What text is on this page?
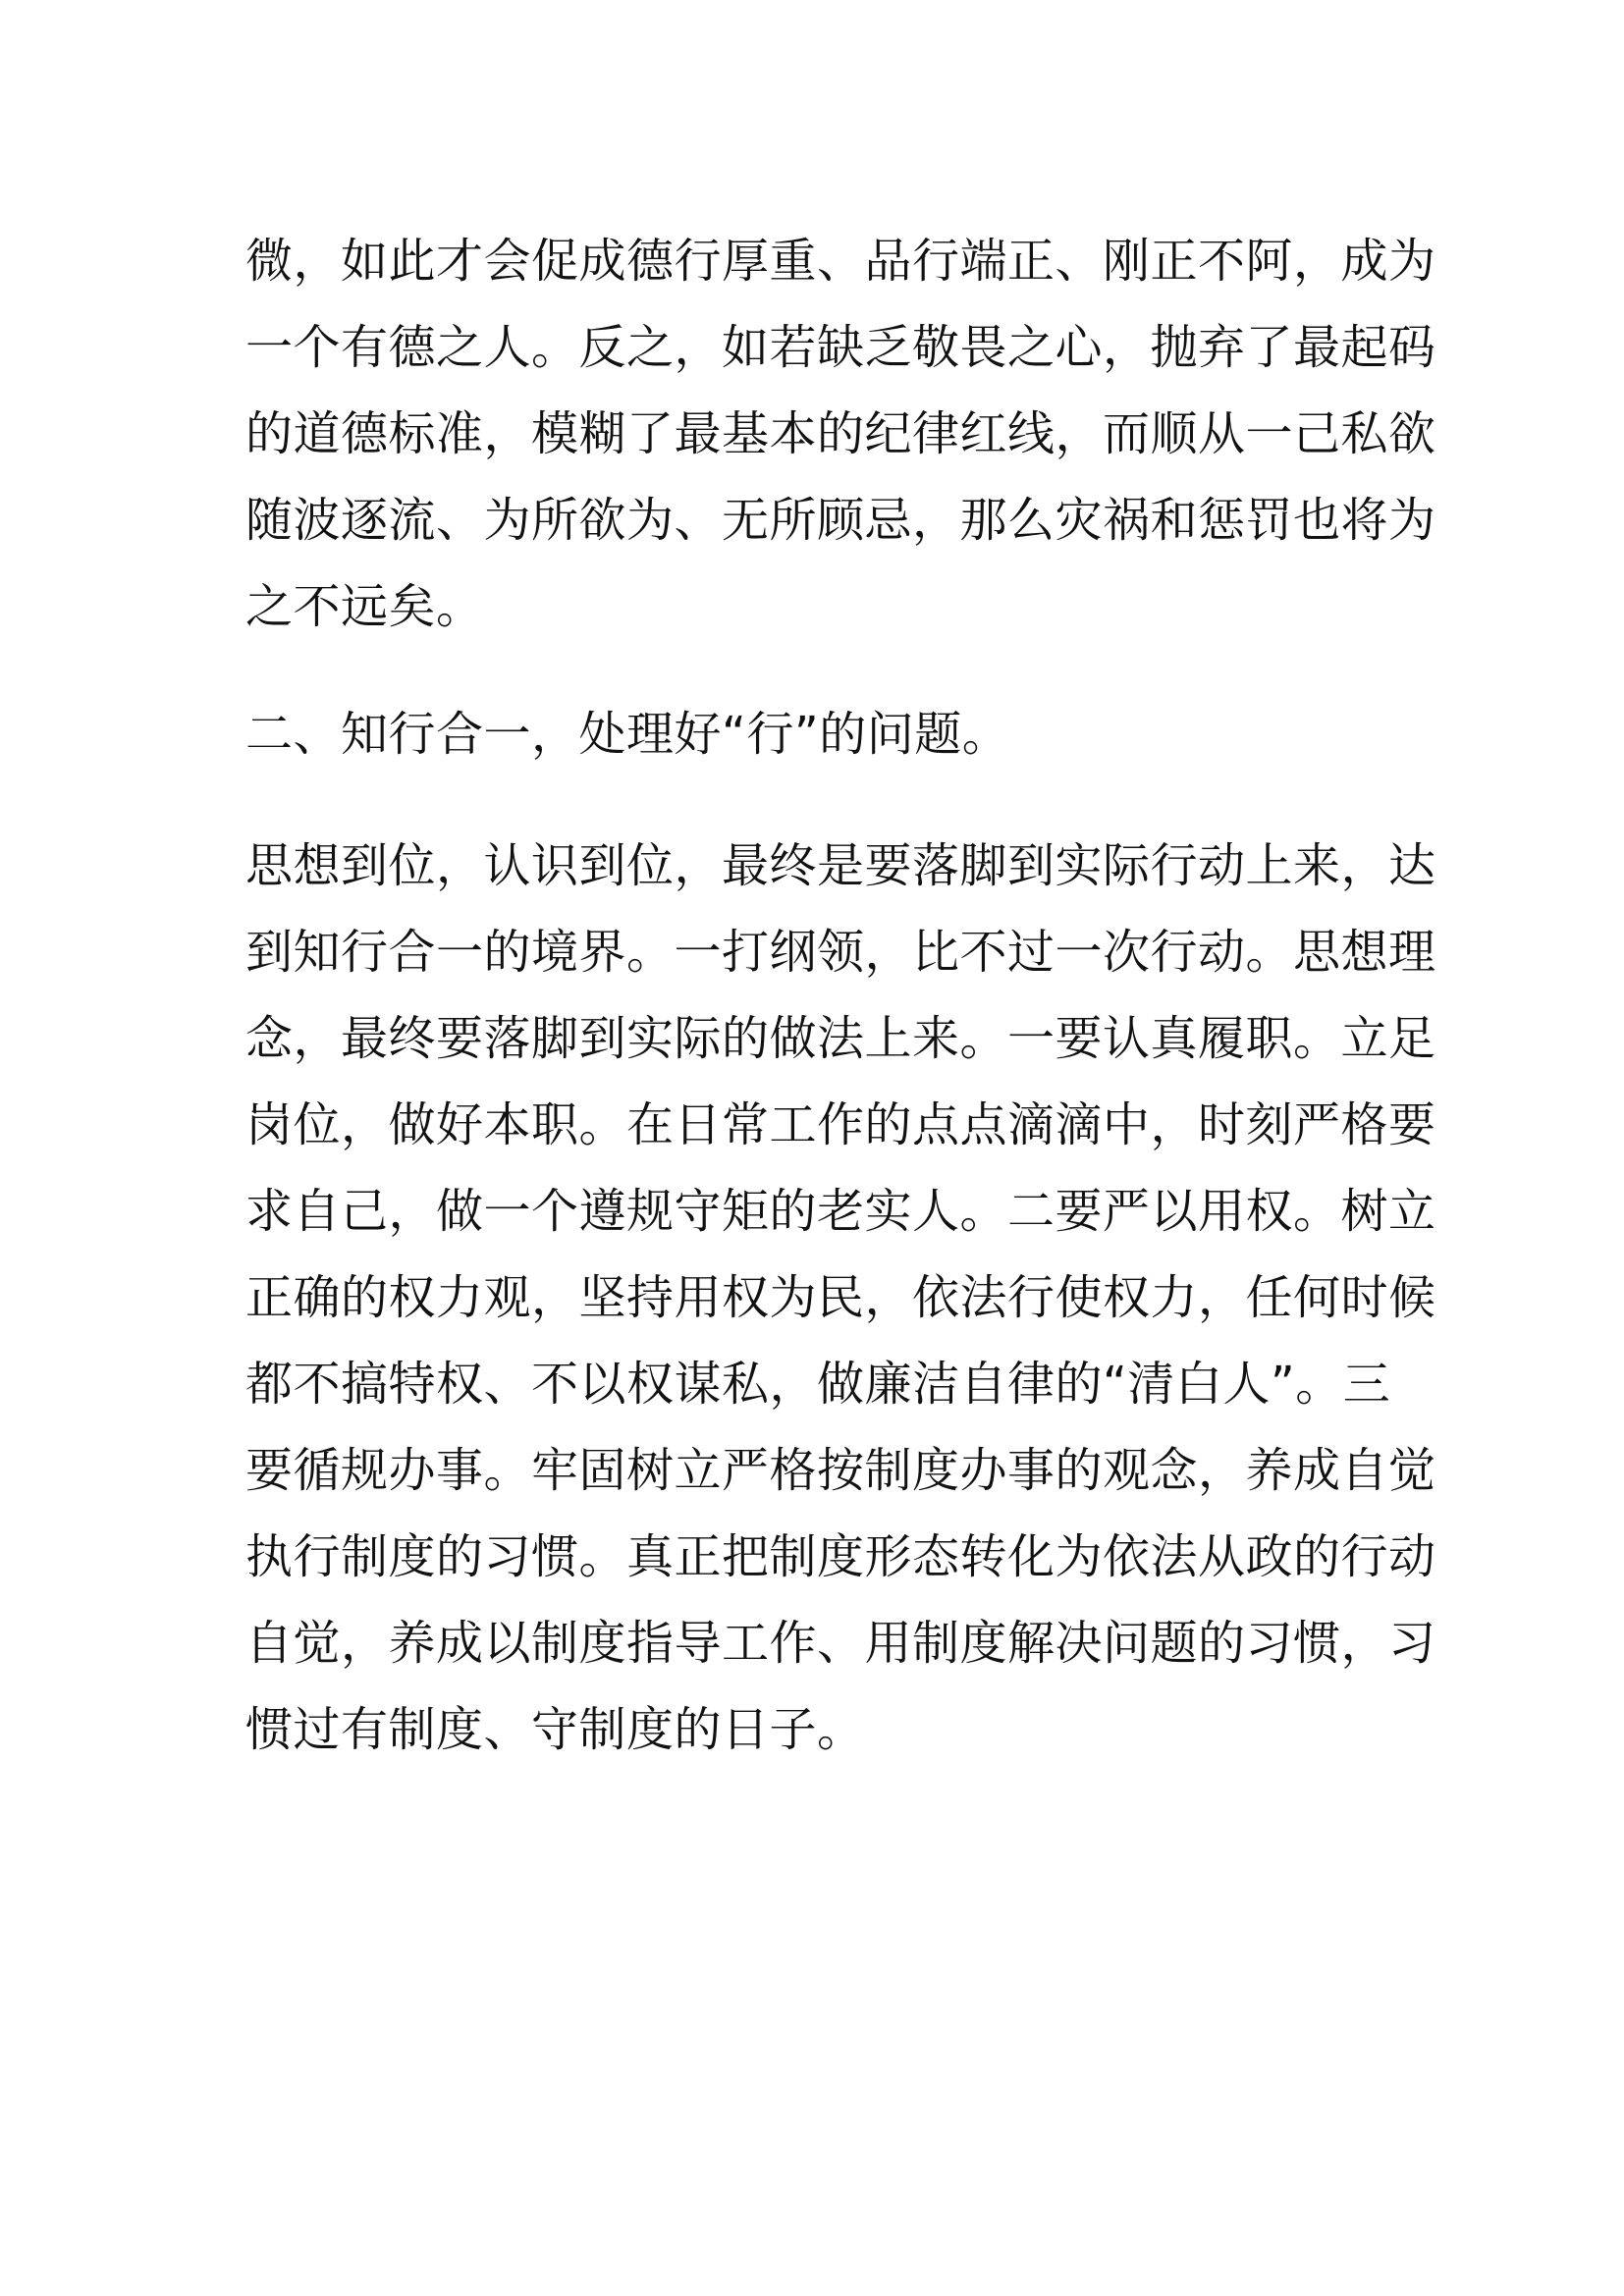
微，如此才会促成德行厚重、品行端正、刚正不阿，成为
一个有德之人。反之，如若缺乏敬畏之心，抛弃了最起码
的道德标准，模糊了最基本的纪律红线，而顺从一己私欲
随波逐流、为所欲为、无所顾忌，那么灾祸和惩罚也将为
之不远矣。

二、知行合一，处理好“行”的问题。

思想到位，认识到位，最终是要落脚到实际行动上来，达
到知行合一的境界。一打纲领，比不过一次行动。思想理
念，最终要落脚到实际的做法上来。一要认真履职。立足
岗位，做好本职。在日常工作的点点滴滴中，时刻严格要
求自己，做一个遵规守矩的老实人。二要严以用权。树立
正确的权力观，坚持用权为民，依法行使权力，任何时候
都不搞特权、不以权谋私，做廉洁自律的“清白人”。三
要循规办事。牢固树立严格按制度办事的观念，养成自觉
执行制度的习惯。真正把制度形态转化为依法从政的行动
自觉，养成以制度指导工作、用制度解决问题的习惯，习
惯过有制度、守制度的日子。
